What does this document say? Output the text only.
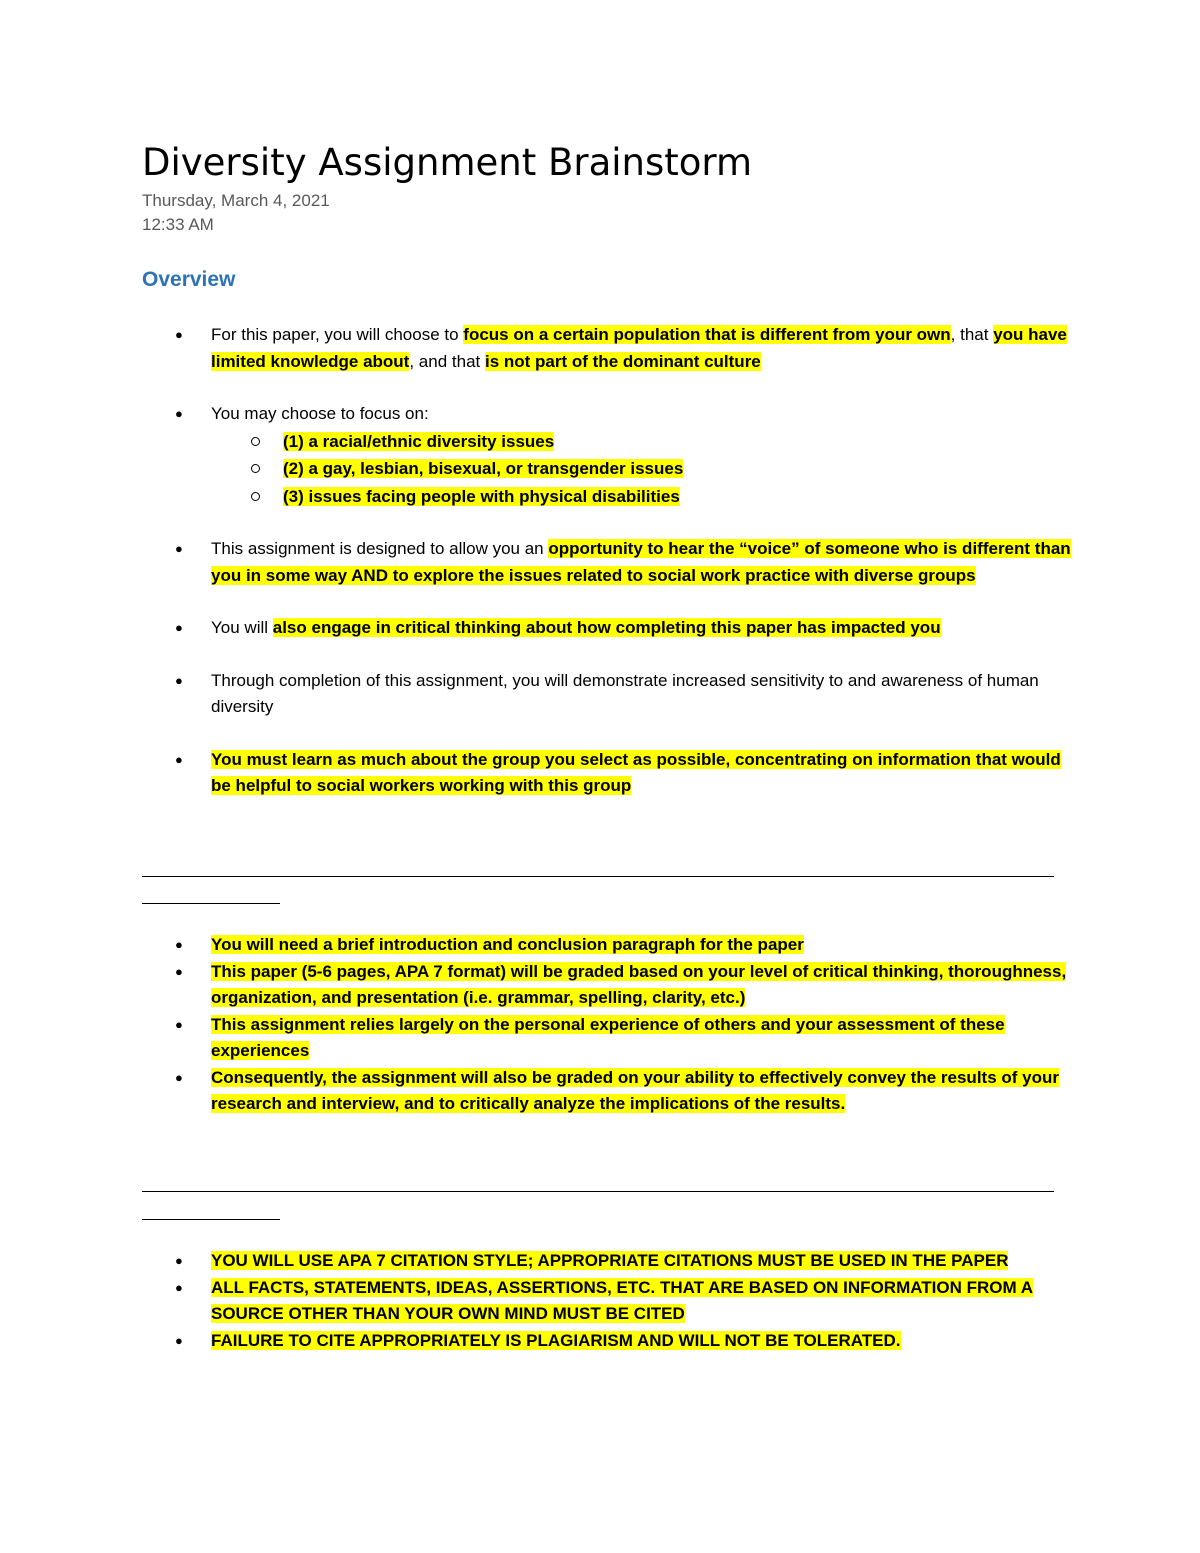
Diversity Assignment Brainstorm
Thursday, March 4, 2021
12:33 AM
Overview
● For this paper, you will choose to focus on a certain population that is different from your own, that you have limited knowledge about, and that is not part of the dominant culture
● You may choose to focus on:
(1) a racial/ethnic diversity issues
(2) a gay, lesbian, bisexual, or transgender issues
(3) issues facing people with physical disabilities
● This assignment is designed to allow you an opportunity to hear the “voice” of someone who is different than you in some way AND to explore the issues related to social work practice with diverse groups
● You will also engage in critical thinking about how completing this paper has impacted you
● Through completion of this assignment, you will demonstrate increased sensitivity to and awareness of human diversity
● You must learn as much about the group you select as possible, concentrating on information that would be helpful to social workers working with this group
● You will need a brief introduction and conclusion paragraph for the paper
● This paper (5-6 pages, APA 7 format) will be graded based on your level of critical thinking, thoroughness, organization, and presentation (i.e. grammar, spelling, clarity, etc.)
● This assignment relies largely on the personal experience of others and your assessment of these experiences
● Consequently, the assignment will also be graded on your ability to effectively convey the results of your research and interview, and to critically analyze the implications of the results.
● YOU WILL USE APA 7 CITATION STYLE; APPROPRIATE CITATIONS MUST BE USED IN THE PAPER
● ALL FACTS, STATEMENTS, IDEAS, ASSERTIONS, ETC. THAT ARE BASED ON INFORMATION FROM A SOURCE OTHER THAN YOUR OWN MIND MUST BE CITED
● FAILURE TO CITE APPROPRIATELY IS PLAGIARISM AND WILL NOT BE TOLERATED.
